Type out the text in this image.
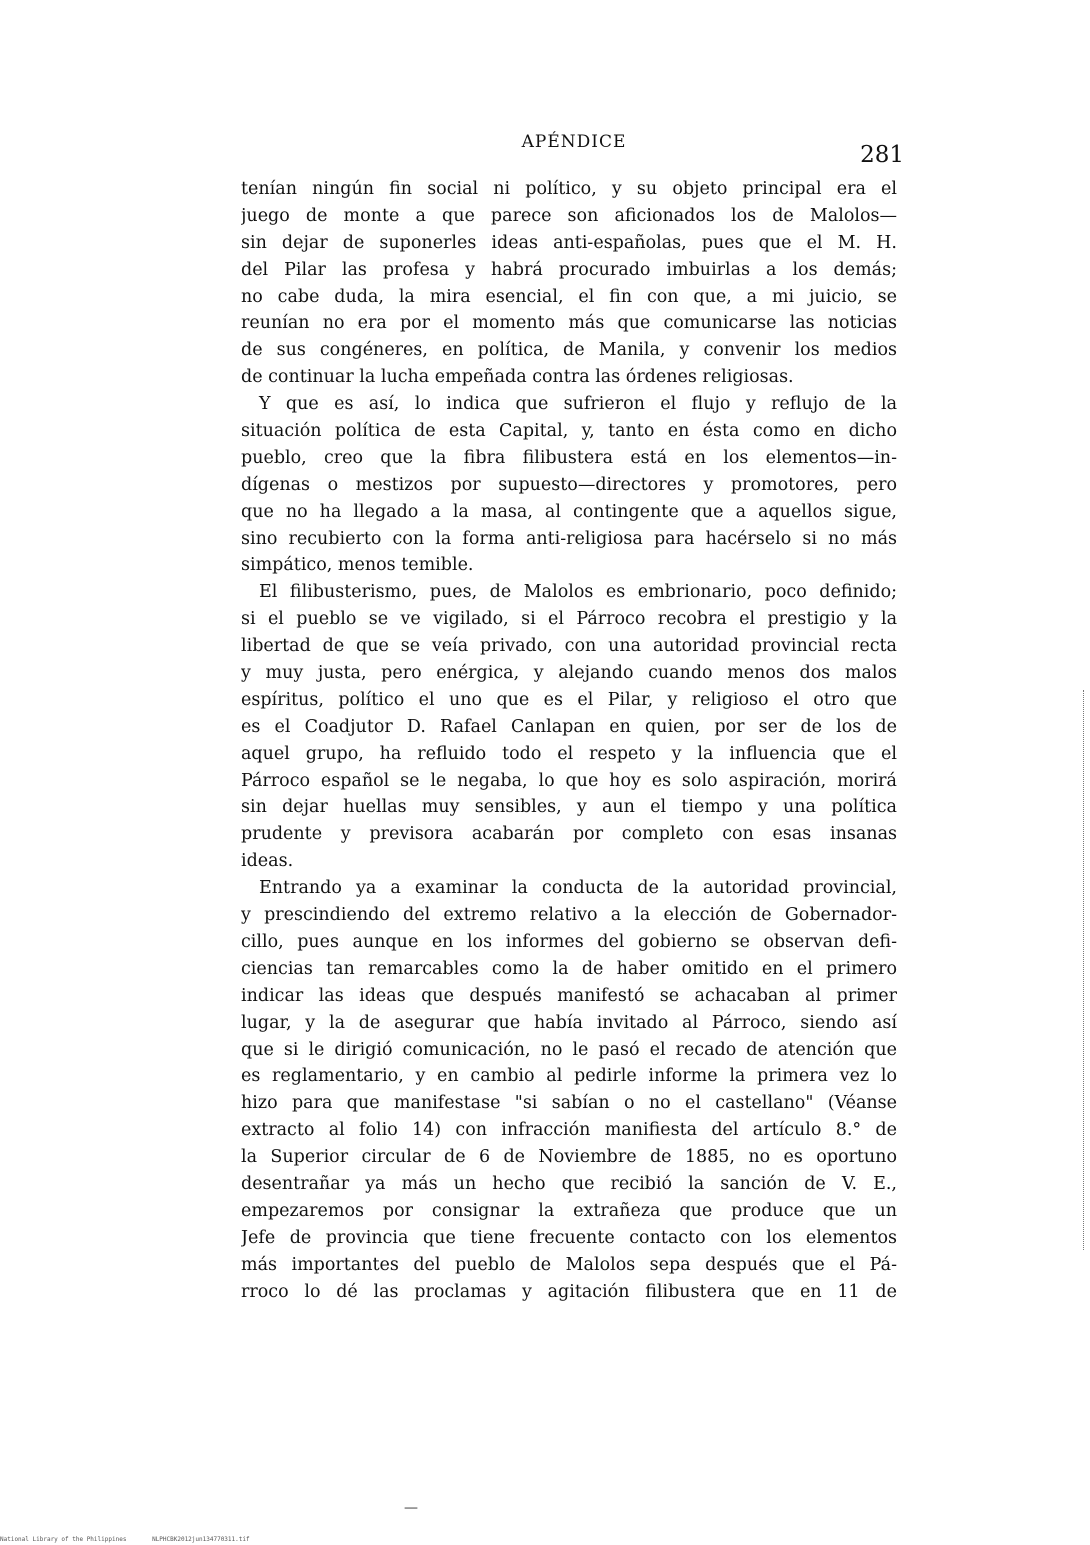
APÉNDICE	281
tenían ningún fin social ni político, y su objeto principal era el
juego de monte a que parece son aficionados los de Malolos—
sin dejar de suponerles ideas anti-españolas, pues que el M. H.
del Pilar las profesa y habrá procurado imbuirlas a los demás;
no cabe duda, la mira esencial, el fin con que, a mi juicio, se
reunían no era por el momento más que comunicarse las noticias
de sus congéneres, en política, de Manila, y convenir los medios
de continuar la lucha empeñada contra las órdenes religiosas.
Y que es así, lo indica que sufrieron el flujo y reflujo de la
situación política de esta Capital, y, tanto en ésta como en dicho
pueblo, creo que la fibra filibustera está en los elementos—in-
dígenas o mestizos por supuesto—directores y promotores, pero
que no ha llegado a la masa, al contingente que a aquellos sigue,
sino recubierto con la forma anti-religiosa para hacérselo si no más
simpático, menos temible.
El filibusterismo, pues, de Malolos es embrionario, poco definido;
si el pueblo se ve vigilado, si el Párroco recobra el prestigio y la
libertad de que se veía privado, con una autoridad provincial recta
y muy justa, pero enérgica, y alejando cuando menos dos malos
espíritus, político el uno que es el Pilar, y religioso el otro que
es el Coadjutor D. Rafael Canlapan en quien, por ser de los de
aquel grupo, ha refluido todo el respeto y la influencia que el
Párroco español se le negaba, lo que hoy es solo aspiración, morirá
sin dejar huellas muy sensibles, y aun el tiempo y una política
prudente y previsora acabarán por completo con esas insanas
ideas.
Entrando ya a examinar la conducta de la autoridad provincial,
y prescindiendo del extremo relativo a la elección de Gobernador-
cillo, pues aunque en los informes del gobierno se observan defi-
ciencias tan remarcables como la de haber omitido en el primero
indicar las ideas que después manifestó se achacaban al primer
lugar, y la de asegurar que había invitado al Párroco, siendo así
que si le dirigió comunicación, no le pasó el recado de atención que
es reglamentario, y en cambio al pedirle informe la primera vez lo
hizo para que manifestase "si sabían o no el castellano" (Véanse
extracto al folio 14) con infracción manifiesta del artículo 8.° de
la Superior circular de 6 de Noviembre de 1885, no es oportuno
desentrañar ya más un hecho que recibió la sanción de V. E.,
empezaremos por consignar la extrañeza que produce que un
Jefe de provincia que tiene frecuente contacto con los elementos
más importantes del pueblo de Malolos sepa después que el Pá-
rroco lo dé las proclamas y agitación filibustera que en 11 de
—
National Library of the Philippines	NLPHCBK2012jun134770311.tif
